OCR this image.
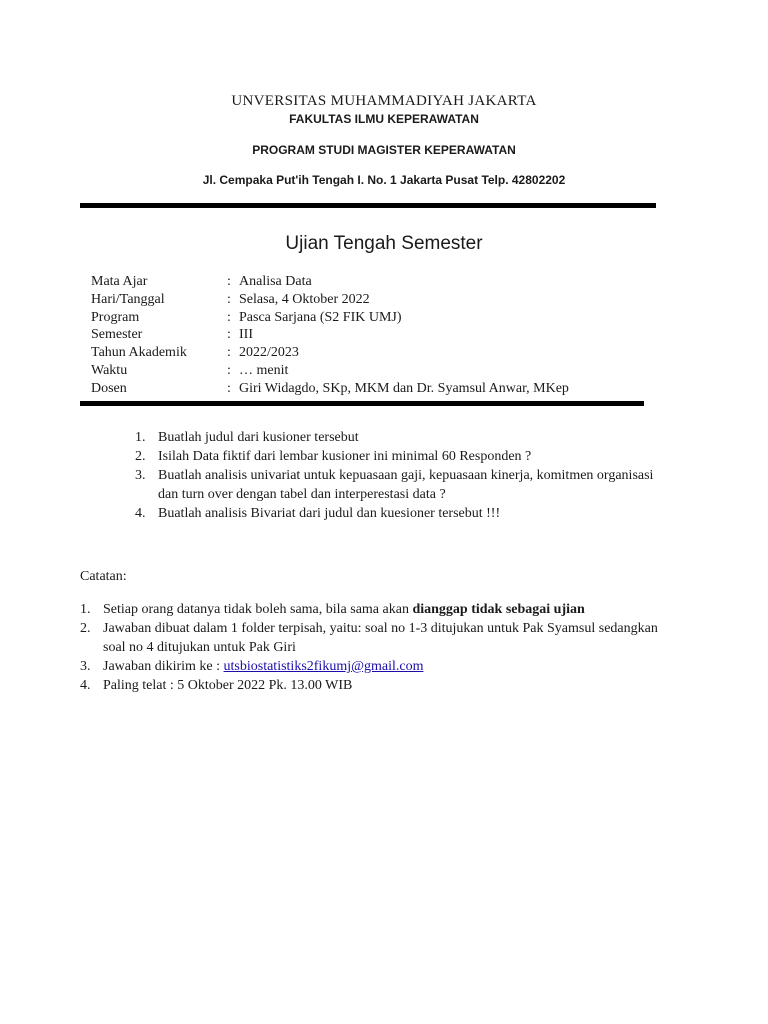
UNVERSITAS MUHAMMADIYAH JAKARTA
FAKULTAS ILMU KEPERAWATAN
PROGRAM STUDI MAGISTER KEPERAWATAN
Jl. Cempaka Put'ih Tengah I. No. 1 Jakarta Pusat Telp. 42802202
Ujian Tengah Semester
Mata Ajar	: Analisa Data
Hari/Tanggal	: Selasa, 4 Oktober 2022
Program	: Pasca Sarjana (S2 FIK UMJ)
Semester	: III
Tahun Akademik	: 2022/2023
Waktu	: … menit
Dosen	: Giri Widagdo, SKp, MKM dan Dr. Syamsul Anwar, MKep
1. Buatlah judul dari kusioner tersebut
2. Isilah Data fiktif dari lembar kusioner ini minimal 60 Responden ?
3. Buatlah analisis univariat untuk kepuasaan gaji, kepuasaan kinerja, komitmen organisasi dan turn over dengan tabel dan interperestasi data ?
4. Buatlah analisis Bivariat dari judul dan kuesioner tersebut !!!
Catatan:
1. Setiap orang datanya tidak boleh sama, bila sama akan dianggap tidak sebagai ujian
2. Jawaban dibuat dalam 1 folder terpisah, yaitu: soal no 1-3 ditujukan untuk Pak Syamsul sedangkan soal no 4 ditujukan untuk Pak Giri
3. Jawaban dikirim ke : utsbiostatistiks2fikumj@gmail.com
4. Paling telat : 5 Oktober 2022 Pk. 13.00 WIB
